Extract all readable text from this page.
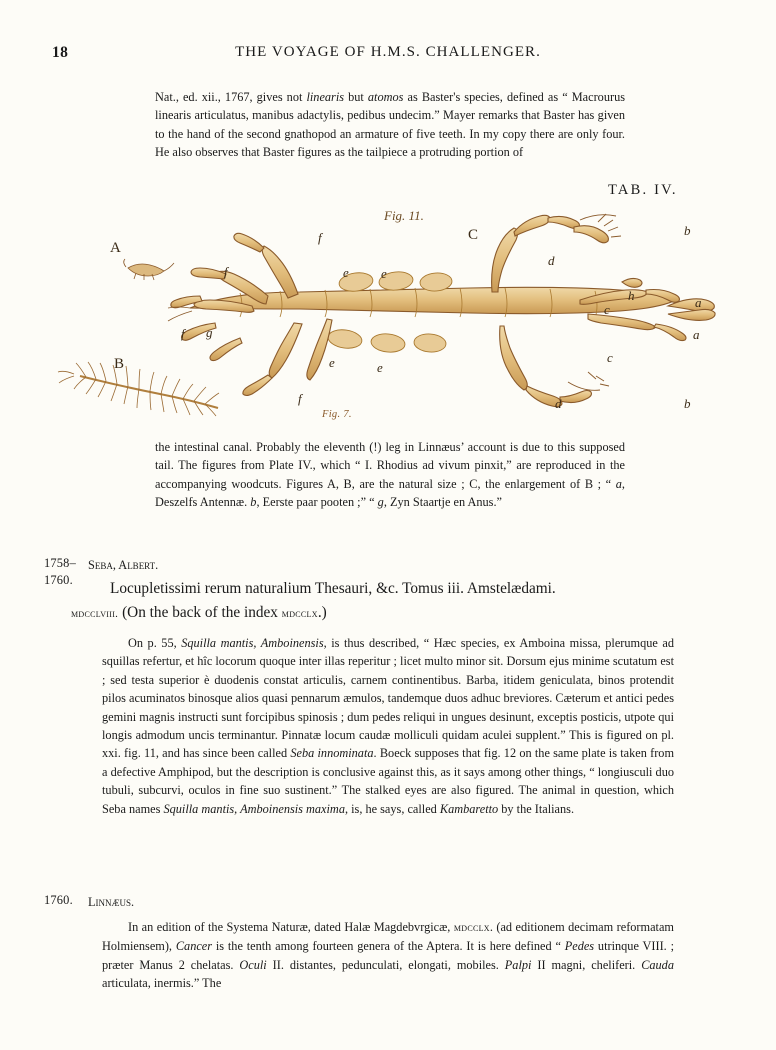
18	THE VOYAGE OF H.M.S. CHALLENGER.
Nat., ed. xii., 1767, gives not linearis but atomos as Baster's species, defined as “ Macrourus linearis articulatus, manibus adactylis, pedibus undecim.” Mayer remarks that Baster has given to the hand of the second gnathopod an armature of five teeth. In my copy there are only four. He also observes that Baster figures as the tailpiece a protruding portion of
TAB. IV.
Fig. 11.
Fig. 7.
A
B
C
f
f
f g
f
e e
e	e
b
d
h
c	a
a
c
d	b
the intestinal canal. Probably the eleventh (!) leg in Linnæus’ account is due to this supposed tail. The figures from Plate IV., which “ I. Rhodius ad vivum pinxit,” are reproduced in the accompanying woodcuts. Figures A, B, are the natural size ; C, the enlargement of B ; “ a, Deszelfs Antennæ. b, Eerste paar pooten ;” “ g, Zyn Staartje en Anus.”
1758– Seba, Albert.
1760. Locupletissimi rerum naturalium Thesauri, &c. Tomus iii. Amstelædami.
mdcclviii. (On the back of the index mdcclx.)
On p. 55, Squilla mantis, Amboinensis, is thus described, “ Hæc species, ex Amboina missa, plerumque ad squillas refertur, et hîc locorum quoque inter illas reperitur ; licet multo minor sit. Dorsum ejus minime scutatum est ; sed testa superior è duodenis constat articulis, carnem continentibus. Barba, itidem geniculata, binos protendit pilos acuminatos binosque alios quasi pennarum æmulos, tandemque duos adhuc breviores. Cæterum et antici pedes gemini magnis instructi sunt forcipibus spinosis ; dum pedes reliqui in ungues desinunt, exceptis posticis, utpote qui longis admodum uncis terminantur. Pinnatæ locum caudæ molliculi quidam aculei supplent.” This is figured on pl. xxi. fig. 11, and has since been called Seba innominata. Boeck supposes that fig. 12 on the same plate is taken from a defective Amphipod, but the description is conclusive against this, as it says among other things, “ longiusculi duo tubuli, subcurvi, oculos in fine suo sustinent.” The stalked eyes are also figured. The animal in question, which Seba names Squilla mantis, Amboinensis maxima, is, he says, called Kambaretto by the Italians.
1760. Linnæus.
In an edition of the Systema Naturæ, dated Halæ Magdebvrgicæ, mdcclx. (ad editionem decimam reformatam Holmiensem), Cancer is the tenth among fourteen genera of the Aptera. It is here defined “ Pedes utrinque VIII. ; præter Manus 2 chelatas. Oculi II. distantes, pedunculati, elongati, mobiles. Palpi II magni, cheliferi. Cauda articulata, inermis.” The
